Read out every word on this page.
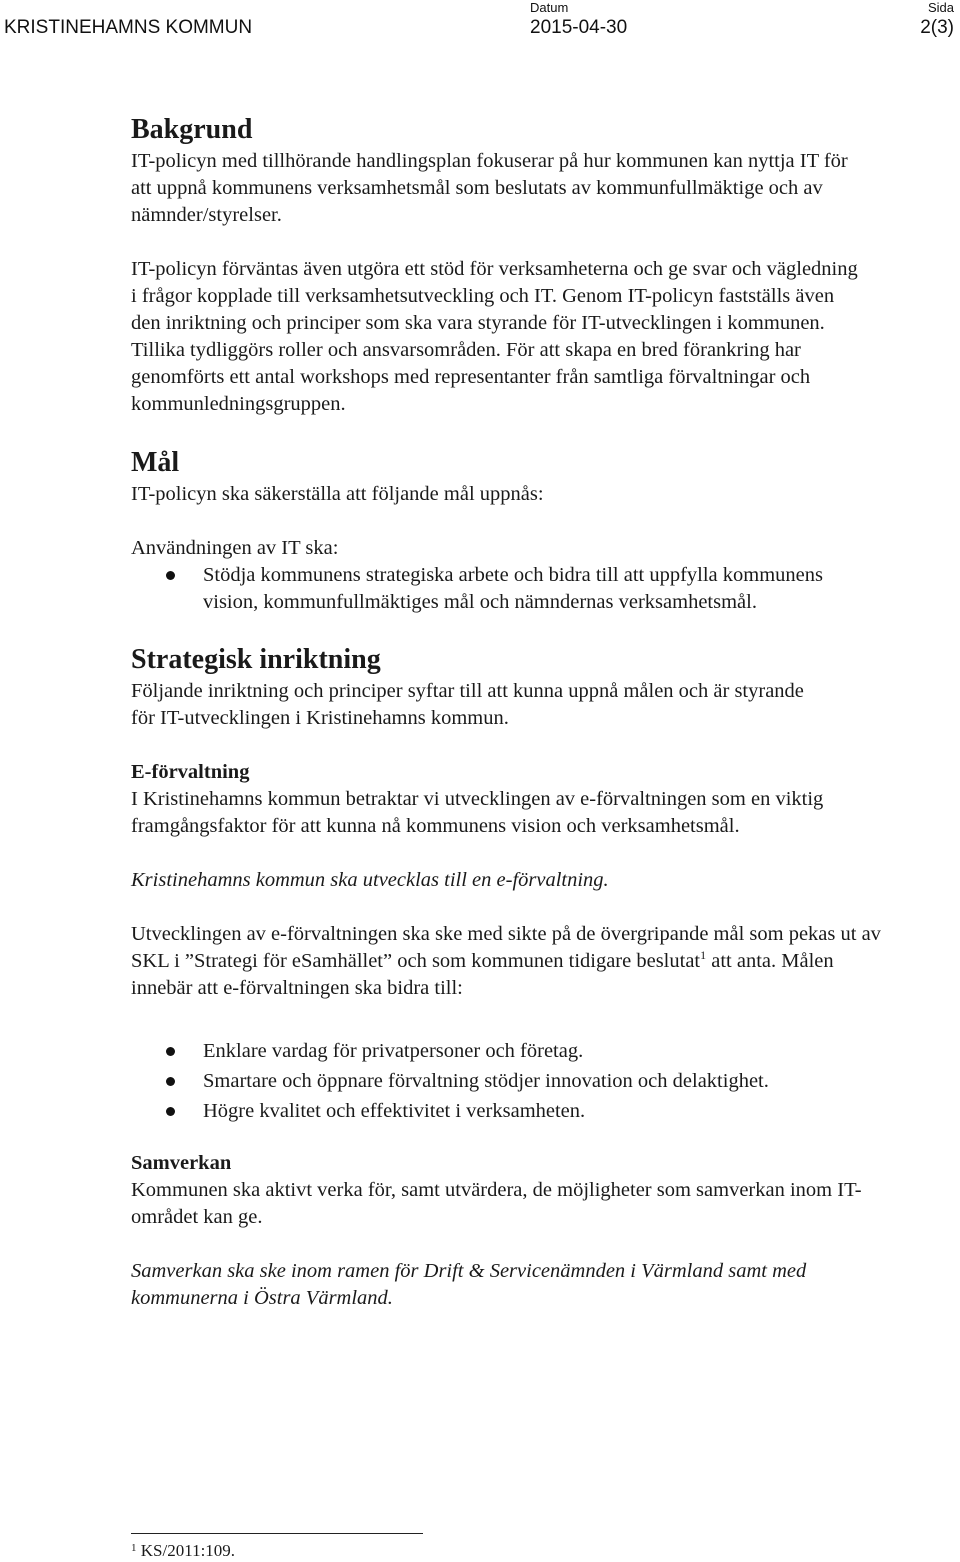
KRISTINEHAMNS KOMMUN
Datum
2015-04-30
Sida
2(3)
Bakgrund

IT-policyn med tillhörande handlingsplan fokuserar på hur kommunen kan nyttja IT för att uppnå kommunens verksamhetsmål som beslutats av kommunfullmäktige och av nämnder/styrelser.

IT-policyn förväntas även utgöra ett stöd för verksamheterna och ge svar och vägledning i frågor kopplade till verksamhetsutveckling och IT. Genom IT-policyn fastställs även den inriktning och principer som ska vara styrande för IT-utvecklingen i kommunen. Tillika tydliggörs roller och ansvarsområden. För att skapa en bred förankring har genomförts ett antal workshops med representanter från samtliga förvaltningar och kommunledningsgruppen.

Mål

IT-policyn ska säkerställa att följande mål uppnås:

Användningen av IT ska:

Stödja kommunens strategiska arbete och bidra till att uppfylla kommunens vision, kommunfullmäktiges mål och nämndernas verksamhetsmål.
Strategisk inriktning

Följande inriktning och principer syftar till att kunna uppnå målen och är styrande för IT-utvecklingen i Kristinehamns kommun.

E-förvaltning

I Kristinehamns kommun betraktar vi utvecklingen av e-förvaltningen som en viktig framgångsfaktor för att kunna nå kommunens vision och verksamhetsmål.

Kristinehamns kommun ska utvecklas till en e-förvaltning.

Utvecklingen av e-förvaltningen ska ske med sikte på de övergripande mål som pekas ut av SKL i ”Strategi för eSamhället” och som kommunen tidigare beslutat$^1$ att anta. Målen innebär att e-förvaltningen ska bidra till:

Enklare vardag för privatpersoner och företag.
Smartare och öppnare förvaltning stödjer innovation och delaktighet.
Högre kvalitet och effektivitet i verksamheten.
Samverkan

Kommunen ska aktivt verka för, samt utvärdera, de möjligheter som samverkan inom IT-området kan ge.

Samverkan ska ske inom ramen för Drift & Servicenämnden i Värmland samt med kommunerna i Östra Värmland.

$^1$ KS/2011:109.
